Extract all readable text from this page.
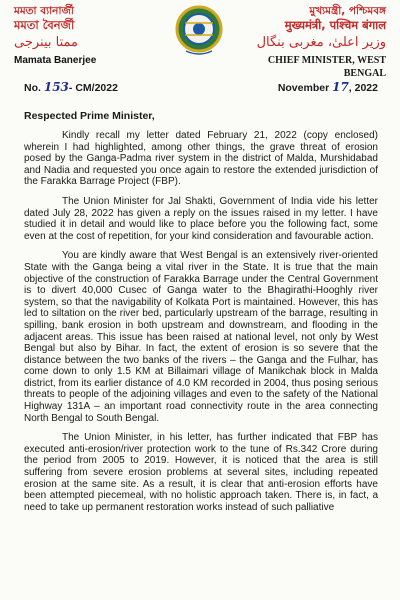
মমতা ব্যানার্জী
মমতা বৈনর্জী
ممتا بینرجی
Mamata Banerjee
মুখ্যমন্ত্রী, পশ্চিমবঙ্গ
मुख्यमंत्री, पश्चिम बंगाल
وزیر اعلیٰ، مغربی بنگال
CHIEF MINISTER, WEST BENGAL
No. 153- CM/2022	November 17, 2022
Respected Prime Minister,

Kindly recall my letter dated February 21, 2022 (copy enclosed) wherein I had highlighted, among other things, the grave threat of erosion posed by the Ganga-Padma river system in the district of Malda, Murshidabad and Nadia and requested you once again to restore the extended jurisdiction of the Farakka Barrage Project (FBP).

The Union Minister for Jal Shakti, Government of India vide his letter dated July 28, 2022 has given a reply on the issues raised in my letter. I have studied it in detail and would like to place before you the following fact, some even at the cost of repetition, for your kind consideration and favourable action.

You are kindly aware that West Bengal is an extensively river-oriented State with the Ganga being a vital river in the State. It is true that the main objective of the construction of Farakka Barrage under the Central Government is to divert 40,000 Cusec of Ganga water to the Bhagirathi-Hooghly river system, so that the navigability of Kolkata Port is maintained. However, this has led to siltation on the river bed, particularly upstream of the barrage, resulting in spilling, bank erosion in both upstream and downstream, and flooding in the adjacent areas. This issue has been raised at national level, not only by West Bengal but also by Bihar. In fact, the extent of erosion is so severe that the distance between the two banks of the rivers – the Ganga and the Fulhar, has come down to only 1.5 KM at Billaimari village of Manikchak block in Malda district, from its earlier distance of 4.0 KM recorded in 2004, thus posing serious threats to people of the adjoining villages and even to the safety of the National Highway 131A – an important road connectivity route in the area connecting North Bengal to South Bengal.

The Union Minister, in his letter, has further indicated that FBP has executed anti-erosion/river protection work to the tune of Rs.342 Crore during the period from 2005 to 2019. However, it is noticed that the area is still suffering from severe erosion problems at several sites, including repeated erosion at the same site. As a result, it is clear that anti-erosion efforts have been attempted piecemeal, with no holistic approach taken. There is, in fact, a need to take up permanent restoration works instead of such palliative
